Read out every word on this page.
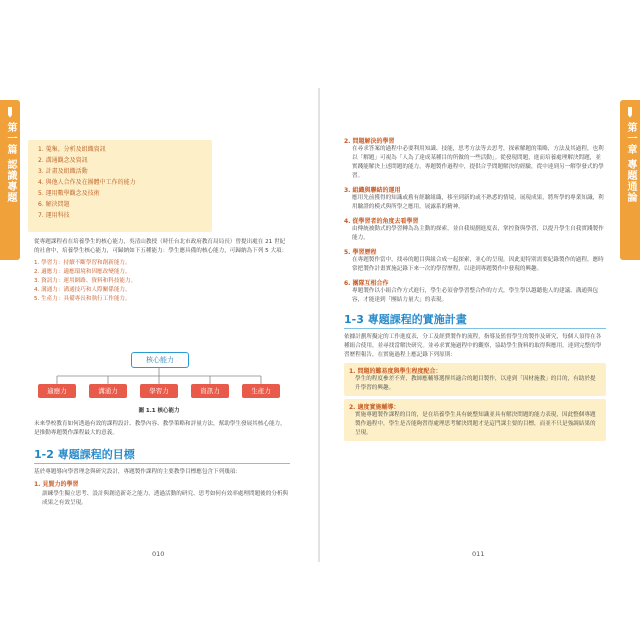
第一篇
認識專題
第一章
專題通論
1. 蒐集、分析及組織資訊
2. 溝通觀念及資訊
3. 計畫及組織活動
4. 與他人合作及在團體中工作的能力
5. 運用數學觀念及技術
6. 解決問題
7. 運用科技

從專題課程看在培養學生的核心能力，吳清山教授（時任台北市政府教育局局長）曾提出處在 21 世紀的社會中，培養學生核心能力，可歸納如下五種能力：學生應具備的核心能力，可歸納為下列 5 大項：

1. 學習力：持續不斷學習和創新能力。
2. 適應力：適應環境和因應改變能力。
3. 資訊力：運用網路、資料和科技能力。
4. 溝通力：溝通技巧和人際關係能力。
5. 生產力：具備專長和執行工作能力。
核心能力
適應力	溝通力	學習力	資訊力	生產力
圖 1.1 核心能力

未來學校教育如何透過有效的課程設計、教學內容、教學策略和評量方法，幫助學生發展其核心能力，是推動專題製作課程最大的意義。

1-2 專題課程的目標

基於專題導向學習理念與研究設計，專題製作課程的主要教學目標應包含下列幾項：

1. 見賢力的學習

訓練學生獨立思考、設計與創造新奇之能力，透過活動的研究、思考如何有效率處理問題後的分析與成果之有效呈現。

010

2. 問題解決的學習

在尋求答案的過程中必要利用知識、技能，思考方法等去思考，探索解題的策略，方法及其過程，也利以「解題」可視為「人為了達成某種目的所做的一些活動」。從發現問題，進而培養處理解決問題，並實踐能解決上述問題的能力，專題製作過程中，提供合乎問題解決的經驗，從中達到另一解學發式的學習。

3. 組織與聯結的運用

應用先前獲得的知識或舊有經驗組織，移至到新的或不熟悉的情境，展現成果，將所學的專業知識，利用驗證的模式與所學之應用，展露系的精神。

4. 從學習者的角度去看學習

由傳統被動式的學習轉為為主動的探索，並自我規劃進度表，掌控資與學習，以提升學生自我實踐製作能力。

5. 學習歷程

在專題製作當中，找尋的題目與組合成一起探索，並心的呈現，因此更特別需要紀錄製作的過程，應時常把製作計畫實施記錄下來一次的學習歷程，以達到專題製作中發現的興趣。

6. 團隊互相合作

專題製作以小組合作方式進行，學生必須會學習整合作的方式，學生學以越聽他人的建議、溝通與包容，才能達到「團結力量大」的表現。

1-3 專題課程的實施計畫

依據計劃所擬定的工作進度表，分工及經費製作的流程，指導及監督學生的製作及研究，每個人須得在各種組合使用，並尋找當解決研究。並尋求實施過程中的觀察，協助學生資料的取得與應用，達到完整的學習歷程報告，在實施過程上應記錄下列原則：

1. 問題的難易度與學生程度配合：

學生的程度參差不齊，教師應輔導選擇其適合的題目製作，以達到「因材施教」的目的，有助於提升學習的興趣。

2. 適度實施輔導：

實施專題製作課程的目的，是在培養學生具有統整知識並具有解決問題的能力表現，因此整個專題製作過程中，學生是否能夠習得處理思考解決問題才是這門課主要的目標，而並不只是強調結果的呈現。

011
